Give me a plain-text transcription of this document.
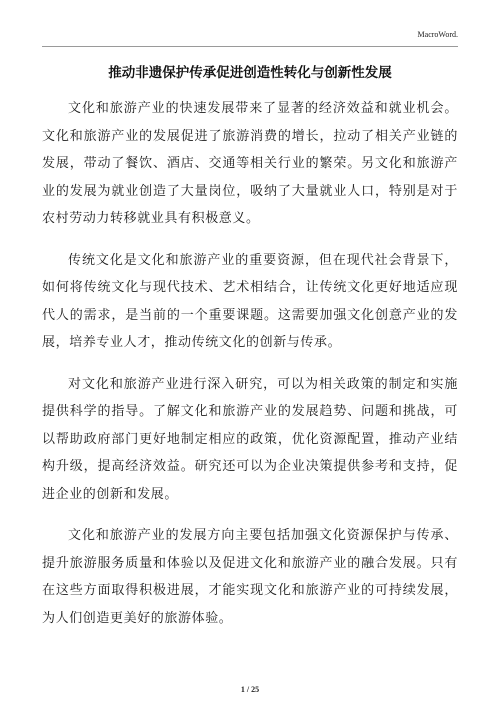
MacroWord.
推动非遗保护传承促进创造性转化与创新性发展

文化和旅游产业的快速发展带来了显著的经济效益和就业机会。文化和旅游产业的发展促进了旅游消费的增长，拉动了相关产业链的发展，带动了餐饮、酒店、交通等相关行业的繁荣。另文化和旅游产业的发展为就业创造了大量岗位，吸纳了大量就业人口，特别是对于农村劳动力转移就业具有积极意义。

传统文化是文化和旅游产业的重要资源，但在现代社会背景下，如何将传统文化与现代技术、艺术相结合，让传统文化更好地适应现代人的需求，是当前的一个重要课题。这需要加强文化创意产业的发展，培养专业人才，推动传统文化的创新与传承。

对文化和旅游产业进行深入研究，可以为相关政策的制定和实施提供科学的指导。了解文化和旅游产业的发展趋势、问题和挑战，可以帮助政府部门更好地制定相应的政策，优化资源配置，推动产业结构升级，提高经济效益。研究还可以为企业决策提供参考和支持，促进企业的创新和发展。

文化和旅游产业的发展方向主要包括加强文化资源保护与传承、提升旅游服务质量和体验以及促进文化和旅游产业的融合发展。只有在这些方面取得积极进展，才能实现文化和旅游产业的可持续发展，为人们创造更美好的旅游体验。

1 / 25
